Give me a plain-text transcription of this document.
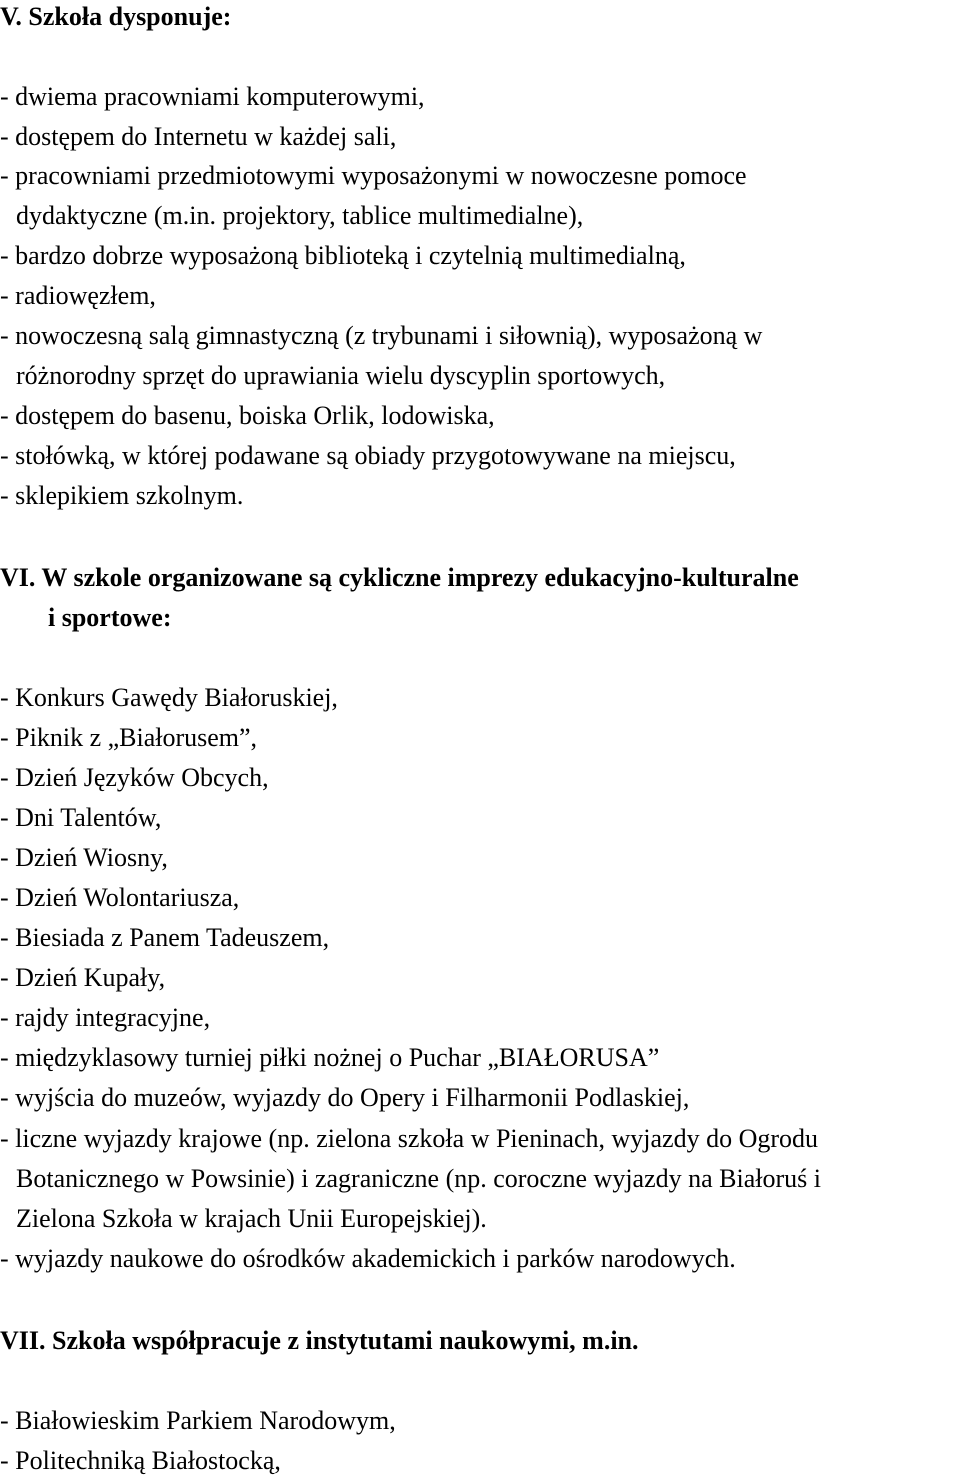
V. Szkoła dysponuje:
- dwiema pracowniami komputerowymi,
- dostępem do Internetu w każdej sali,
- pracowniami przedmiotowymi wyposażonymi w nowoczesne pomoce
dydaktyczne (m.in. projektory, tablice multimedialne),
- bardzo dobrze wyposażoną biblioteką i czytelnią multimedialną,
- radiowęzłem,
- nowoczesną salą gimnastyczną (z trybunami i siłownią), wyposażoną w
różnorodny sprzęt do uprawiania wielu dyscyplin sportowych,
- dostępem do basenu, boiska Orlik, lodowiska,
- stołówką, w której podawane są obiady przygotowywane na miejscu,
- sklepikiem szkolnym.
VI. W szkole organizowane są cykliczne imprezy edukacyjno-kulturalne
i sportowe:
- Konkurs Gawędy Białoruskiej,
- Piknik z „Białorusem”,
- Dzień Języków Obcych,
- Dni Talentów,
- Dzień Wiosny,
- Dzień Wolontariusza,
- Biesiada z Panem Tadeuszem,
- Dzień Kupały,
- rajdy integracyjne,
- międzyklasowy turniej piłki nożnej o Puchar „BIAŁORUSA”
- wyjścia do muzeów, wyjazdy do Opery i Filharmonii Podlaskiej,
- liczne wyjazdy krajowe (np. zielona szkoła w Pieninach, wyjazdy do Ogrodu
Botanicznego w Powsinie) i zagraniczne (np. coroczne wyjazdy na Białoruś i
Zielona Szkoła w krajach Unii Europejskiej).
- wyjazdy naukowe do ośrodków akademickich i parków narodowych.
VII. Szkoła współpracuje z instytutami naukowymi, m.in.
- Białowieskim Parkiem Narodowym,
- Politechniką Białostocką,
